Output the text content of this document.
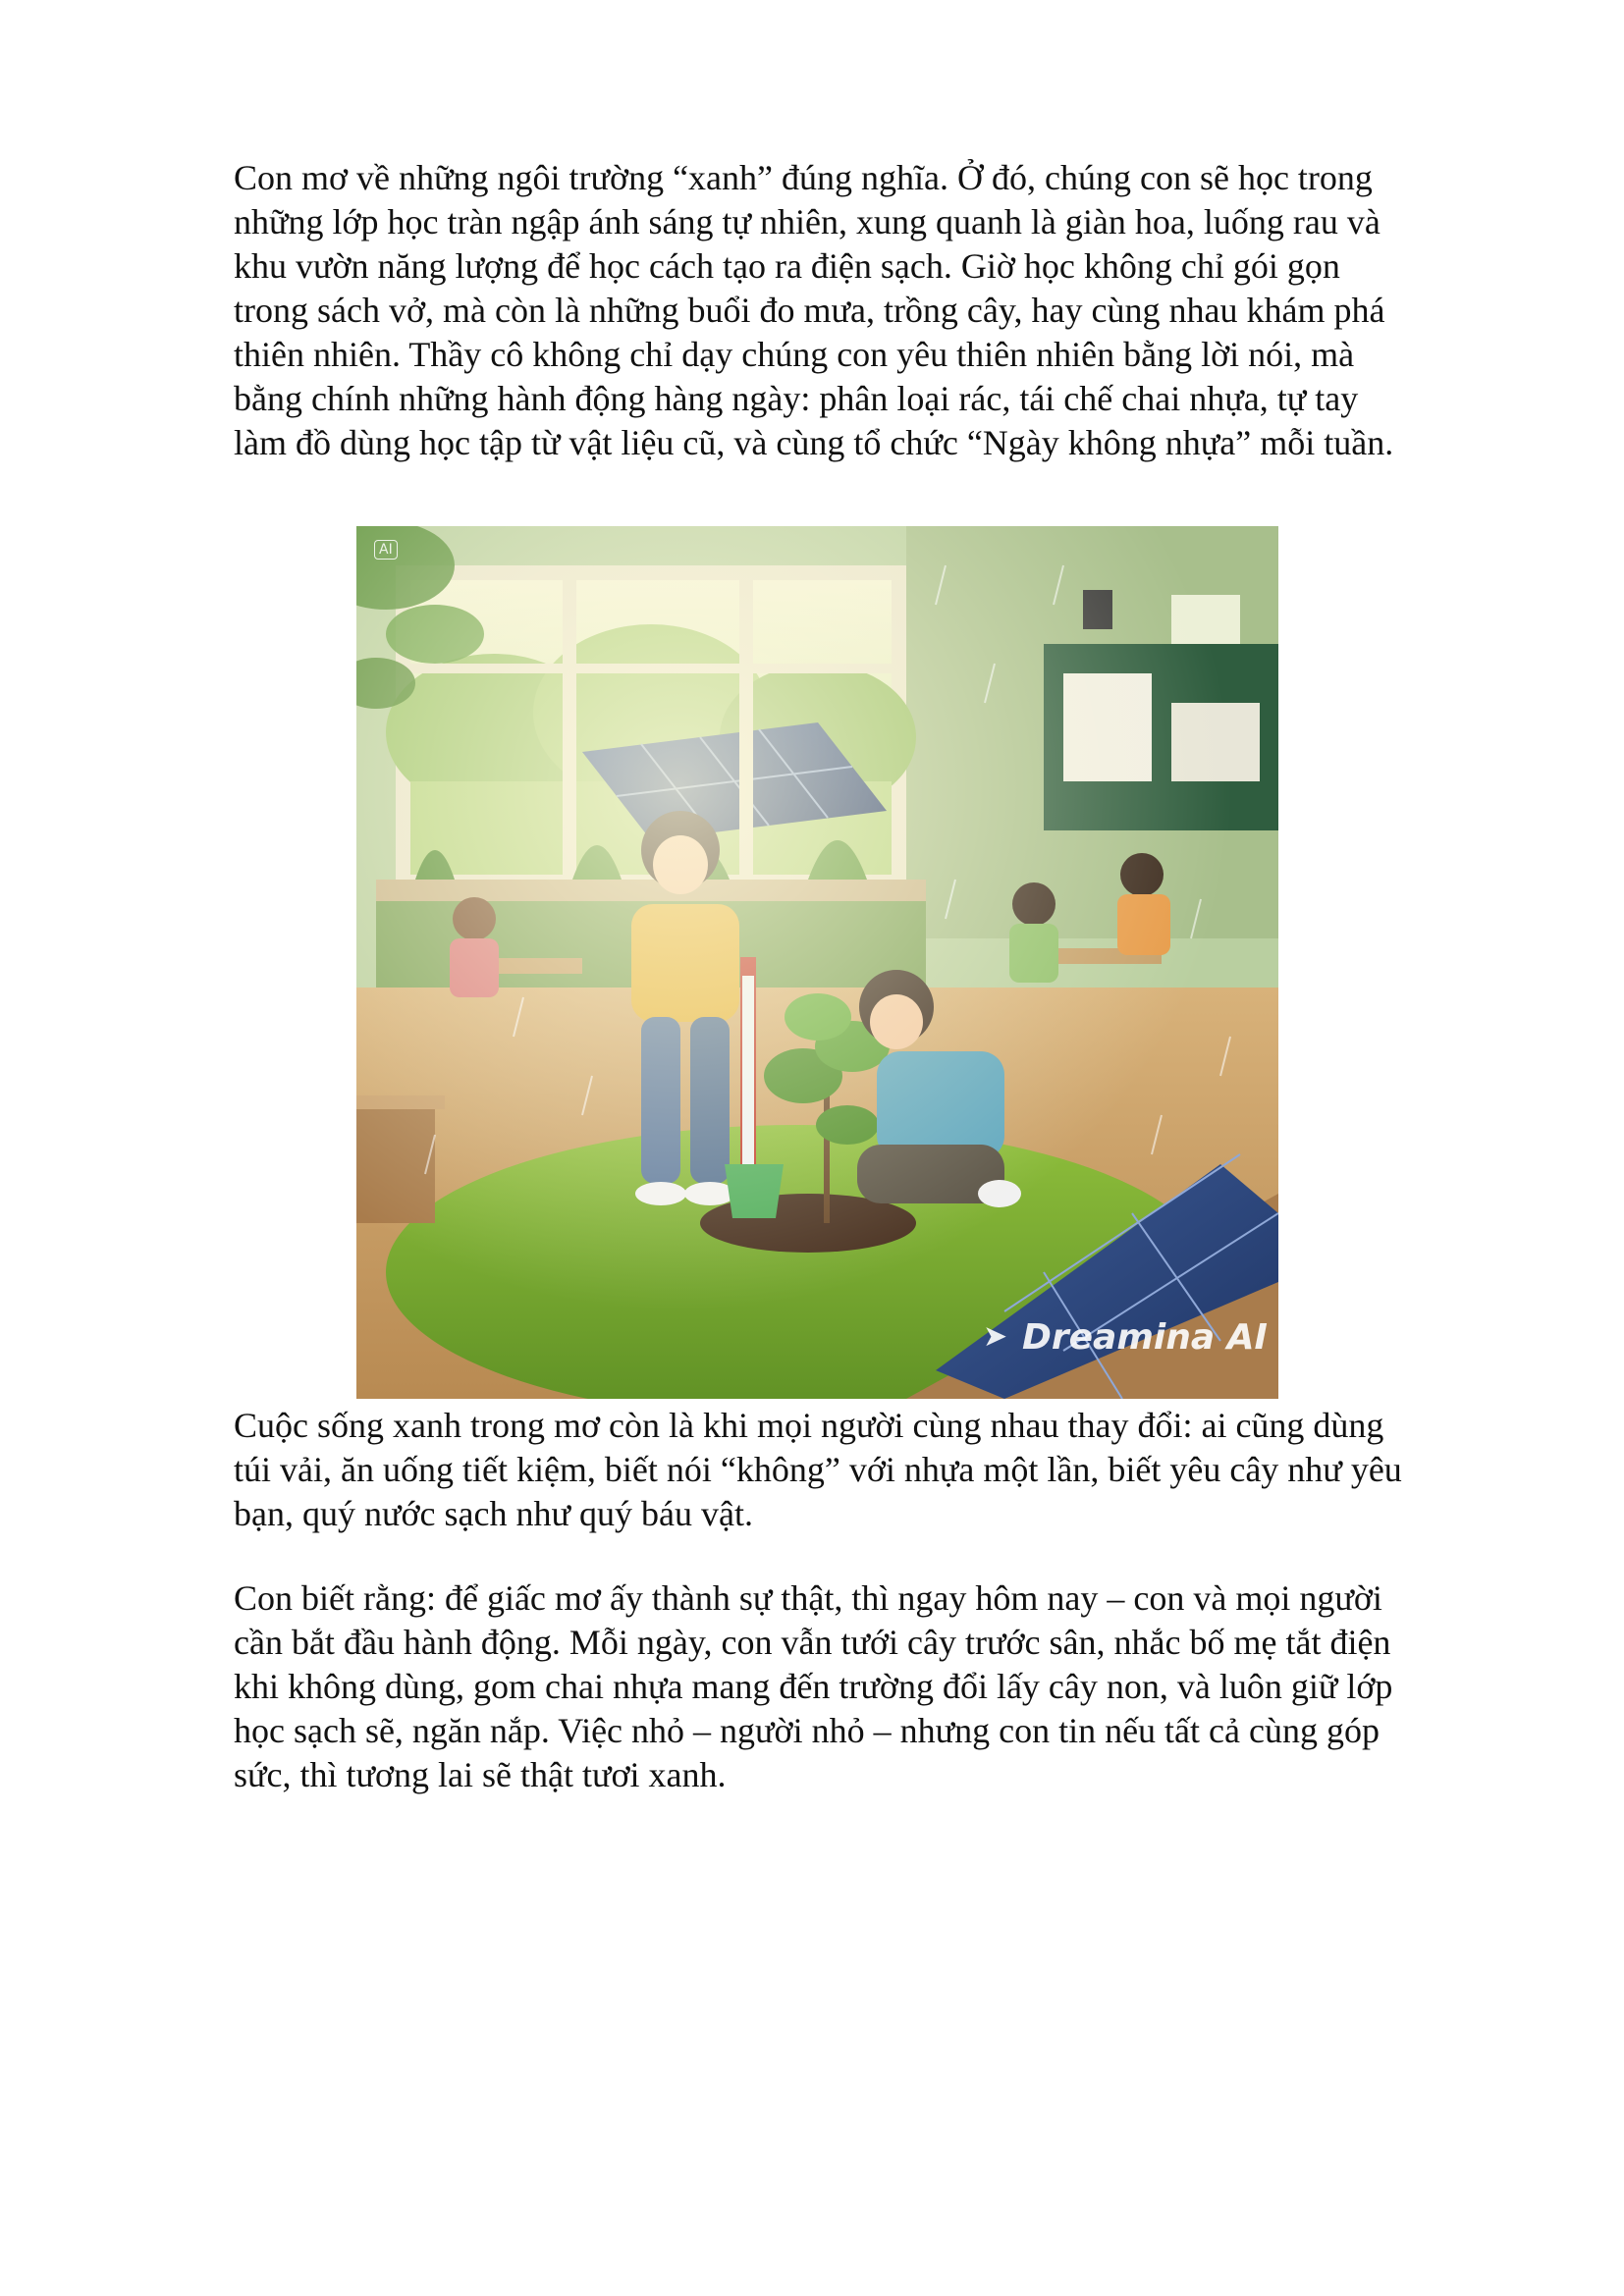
Con mơ về những ngôi trường “xanh” đúng nghĩa. Ở đó, chúng con sẽ học trong
những lớp học tràn ngập ánh sáng tự nhiên, xung quanh là giàn hoa, luống rau và
khu vườn năng lượng để học cách tạo ra điện sạch. Giờ học không chỉ gói gọn
trong sách vở, mà còn là những buổi đo mưa, trồng cây, hay cùng nhau khám phá
thiên nhiên. Thầy cô không chỉ dạy chúng con yêu thiên nhiên bằng lời nói, mà
bằng chính những hành động hàng ngày: phân loại rác, tái chế chai nhựa, tự tay
làm đồ dùng học tập từ vật liệu cũ, và cùng tổ chức “Ngày không nhựa” mỗi tuần.

AI
➤ Dreamina AI

Cuộc sống xanh trong mơ còn là khi mọi người cùng nhau thay đổi: ai cũng dùng
túi vải, ăn uống tiết kiệm, biết nói “không” với nhựa một lần, biết yêu cây như yêu
bạn, quý nước sạch như quý báu vật.

Con biết rằng: để giấc mơ ấy thành sự thật, thì ngay hôm nay – con và mọi người
cần bắt đầu hành động. Mỗi ngày, con vẫn tưới cây trước sân, nhắc bố mẹ tắt điện
khi không dùng, gom chai nhựa mang đến trường đổi lấy cây non, và luôn giữ lớp
học sạch sẽ, ngăn nắp. Việc nhỏ – người nhỏ – nhưng con tin nếu tất cả cùng góp
sức, thì tương lai sẽ thật tươi xanh.
